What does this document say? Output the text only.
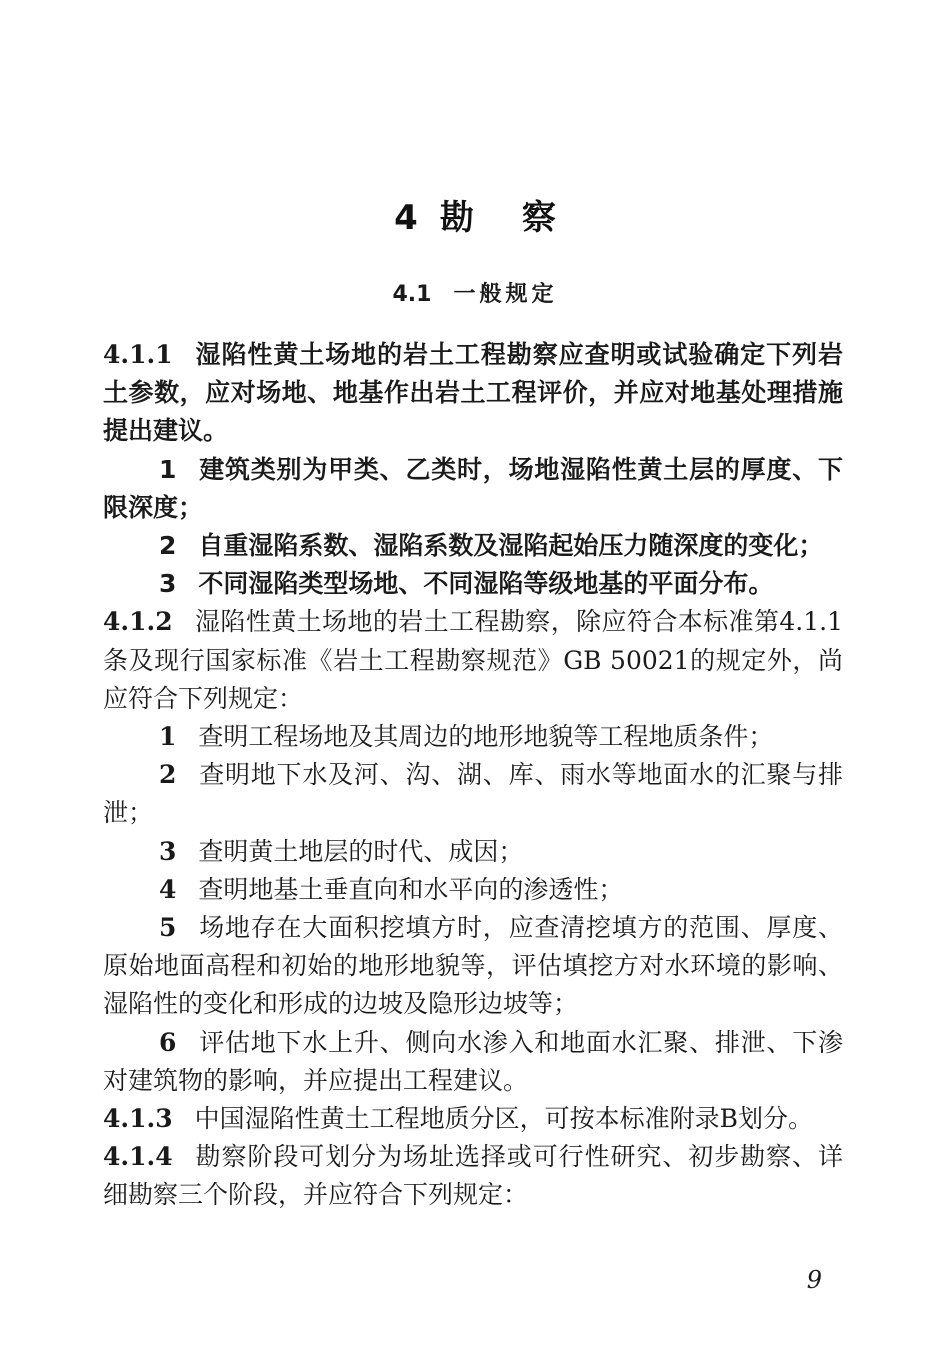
4 勘 察
4.1 一般规定

4.1.1 湿陷性黄土场地的岩土工程勘察应查明或试验确定下列岩土参数，应对场地、地基作出岩土工程评价，并应对地基处理措施提出建议。

1 建筑类别为甲类、乙类时，场地湿陷性黄土层的厚度、下限深度；

2 自重湿陷系数、湿陷系数及湿陷起始压力随深度的变化；

3 不同湿陷类型场地、不同湿陷等级地基的平面分布。

4.1.2 湿陷性黄土场地的岩土工程勘察，除应符合本标准第4.1.1条及现行国家标准《岩土工程勘察规范》GB 50021的规定外，尚应符合下列规定：

1 查明工程场地及其周边的地形地貌等工程地质条件；

2 查明地下水及河、沟、湖、库、雨水等地面水的汇聚与排泄；

3 查明黄土地层的时代、成因；

4 查明地基土垂直向和水平向的渗透性；

5 场地存在大面积挖填方时，应查清挖填方的范围、厚度、原始地面高程和初始的地形地貌等，评估填挖方对水环境的影响、湿陷性的变化和形成的边坡及隐形边坡等；

6 评估地下水上升、侧向水渗入和地面水汇聚、排泄、下渗对建筑物的影响，并应提出工程建议。

4.1.3 中国湿陷性黄土工程地质分区，可按本标准附录B划分。

4.1.4 勘察阶段可划分为场址选择或可行性研究、初步勘察、详细勘察三个阶段，并应符合下列规定：

9
